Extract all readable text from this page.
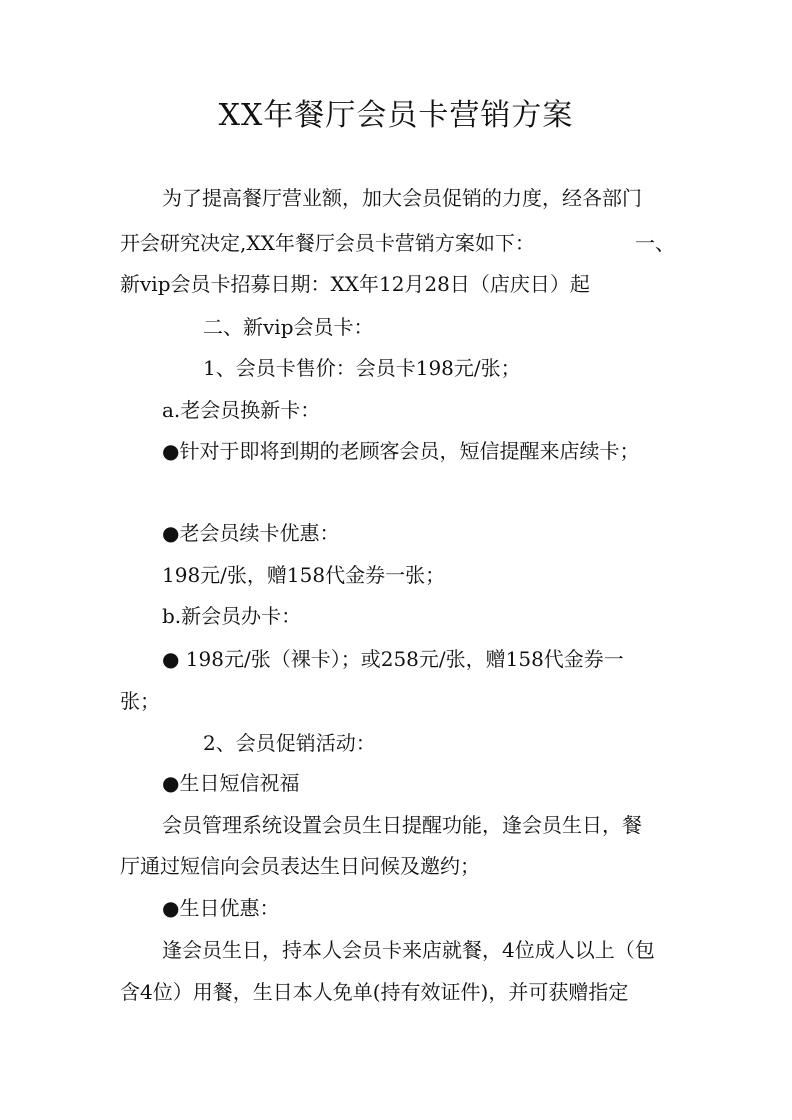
XX年餐厅会员卡营销方案
为了提高餐厅营业额，加大会员促销的力度，经各部门
开会研究决定,XX年餐厅会员卡营销方案如下：	一、
新vip会员卡招募日期：XX年12月28日（店庆日）起
二、新vip会员卡：
1、会员卡售价：会员卡198元/张；
a.老会员换新卡：
●针对于即将到期的老顾客会员，短信提醒来店续卡；
●老会员续卡优惠：
198元/张，赠158代金券一张；
b.新会员办卡：
● 198元/张（裸卡）；或258元/张，赠158代金券一
张；
2、会员促销活动：
●生日短信祝福
会员管理系统设置会员生日提醒功能，逢会员生日，餐
厅通过短信向会员表达生日问候及邀约；
●生日优惠：
逢会员生日，持本人会员卡来店就餐，4位成人以上（包
含4位）用餐，生日本人免单(持有效证件)，并可获赠指定
